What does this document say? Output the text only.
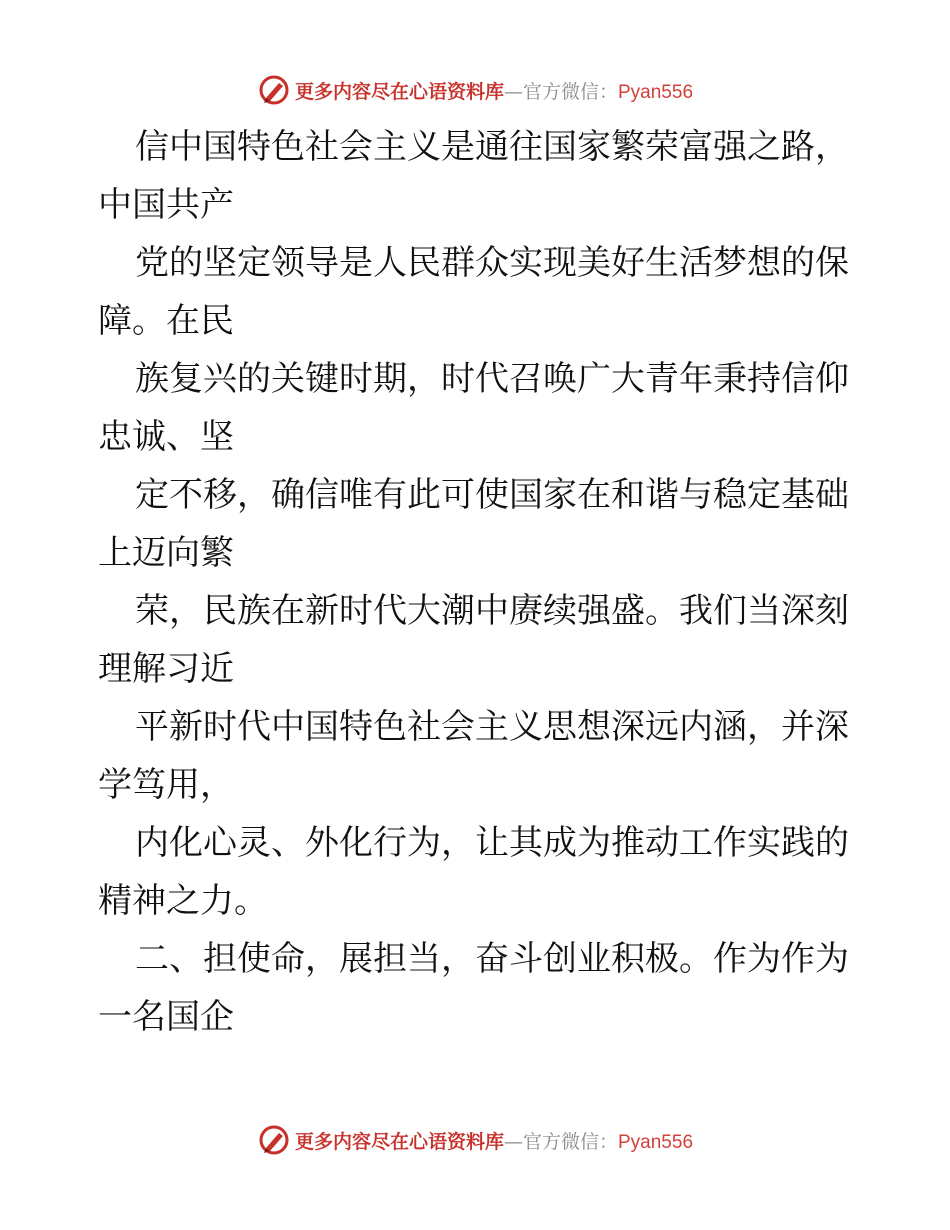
更多内容尽在心语资料库—官方微信：Pyan556

信中国特色社会主义是通往国家繁荣富强之路，

中国共产

党的坚定领导是人民群众实现美好生活梦想的保

障。在民

族复兴的关键时期，时代召唤广大青年秉持信仰

忠诚、坚

定不移，确信唯有此可使国家在和谐与稳定基础

上迈向繁

荣，民族在新时代大潮中赓续强盛。我们当深刻

理解习近

平新时代中国特色社会主义思想深远内涵，并深

学笃用，

内化心灵、外化行为，让其成为推动工作实践的

精神之力。

二、担使命，展担当，奋斗创业积极。作为作为

一名国企

更多内容尽在心语资料库—官方微信：Pyan556
